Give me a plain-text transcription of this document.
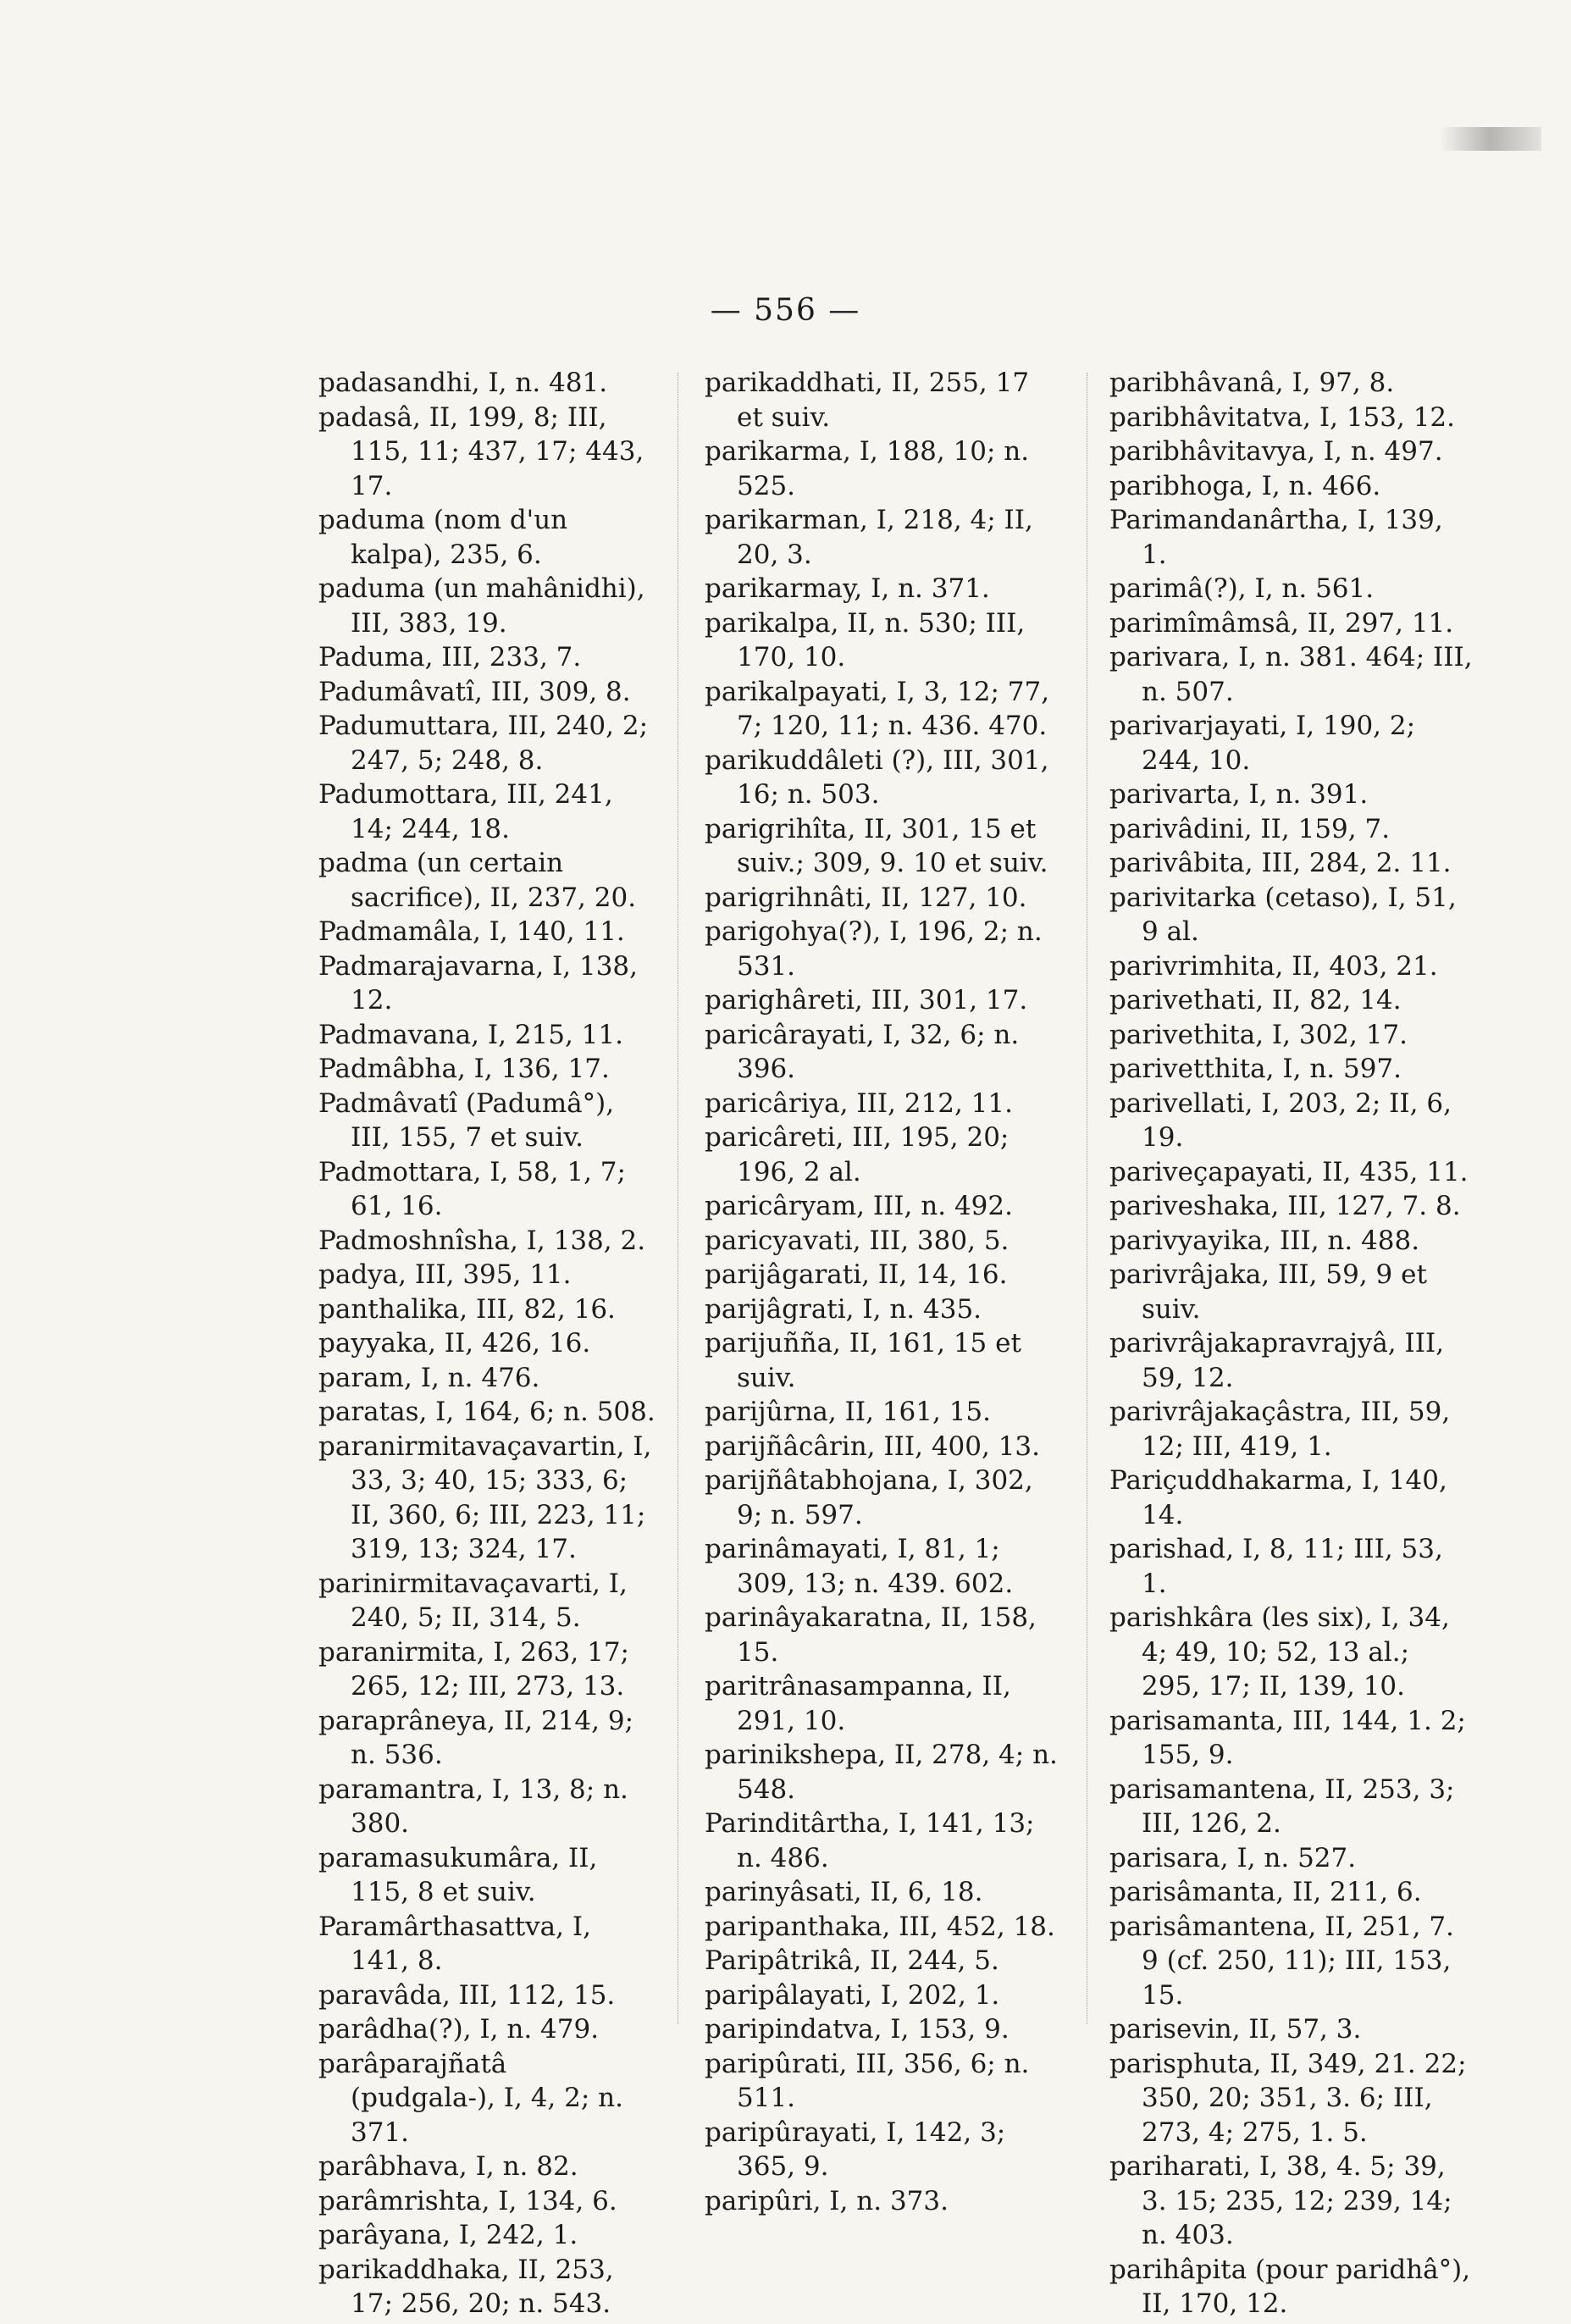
— 556 —

padasandhi, I, n. 481.

padasâ, II, 199, 8; III, 115, 11; 437, 17; 443, 17.

paduma (nom d'un kalpa), 235, 6.

paduma (un mahânidhi), III, 383, 19.

Paduma, III, 233, 7.

Padumâvatî, III, 309, 8.

Padumuttara, III, 240, 2; 247, 5; 248, 8.

Padumottara, III, 241, 14; 244, 18.

padma (un certain sacrifice), II, 237, 20.

Padmamâla, I, 140, 11.

Padmarajavarna, I, 138, 12.

Padmavana, I, 215, 11.

Padmâbha, I, 136, 17.

Padmâvatî (Padumâ°), III, 155, 7 et suiv.

Padmottara, I, 58, 1, 7; 61, 16.

Padmoshnîsha, I, 138, 2.

padya, III, 395, 11.

panthalika, III, 82, 16.

payyaka, II, 426, 16.

param, I, n. 476.

paratas, I, 164, 6; n. 508.

paranirmitavaçavartin, I, 33, 3; 40, 15; 333, 6; II, 360, 6; III, 223, 11; 319, 13; 324, 17.

parinirmitavaçavarti, I, 240, 5; II, 314, 5.

paranirmita, I, 263, 17; 265, 12; III, 273, 13.

paraprâneya, II, 214, 9; n. 536.

paramantra, I, 13, 8; n. 380.

paramasukumâra, II, 115, 8 et suiv.

Paramârthasattva, I, 141, 8.

paravâda, III, 112, 15.

parâdha(?), I, n. 479.

parâparajñatâ (pudgala-), I, 4, 2; n. 371.

parâbhava, I, n. 82.

parâmrishta, I, 134, 6.

parâyana, I, 242, 1.

parikaddhaka, II, 253, 17; 256, 20; n. 543.

parikaddhati, II, 255, 17 et suiv.

parikarma, I, 188, 10; n. 525.

parikarman, I, 218, 4; II, 20, 3.

parikarmay, I, n. 371.

parikalpa, II, n. 530; III, 170, 10.

parikalpayati, I, 3, 12; 77, 7; 120, 11; n. 436. 470.

parikuddâleti (?), III, 301, 16; n. 503.

parigrihîta, II, 301, 15 et suiv.; 309, 9. 10 et suiv.

parigrihnâti, II, 127, 10.

parigohya(?), I, 196, 2; n. 531.

parighâreti, III, 301, 17.

paricârayati, I, 32, 6; n. 396.

paricâriya, III, 212, 11.

paricâreti, III, 195, 20; 196, 2 al.

paricâryam, III, n. 492.

paricyavati, III, 380, 5.

parijâgarati, II, 14, 16.

parijâgrati, I, n. 435.

parijuñña, II, 161, 15 et suiv.

parijûrna, II, 161, 15.

parijñâcârin, III, 400, 13.

parijñâtabhojana, I, 302, 9; n. 597.

parinâmayati, I, 81, 1; 309, 13; n. 439. 602.

parinâyakaratna, II, 158, 15.

paritrânasampanna, II, 291, 10.

parinikshepa, II, 278, 4; n. 548.

Parinditârtha, I, 141, 13; n. 486.

parinyâsati, II, 6, 18.

paripanthaka, III, 452, 18.

Paripâtrikâ, II, 244, 5.

paripâlayati, I, 202, 1.

paripindatva, I, 153, 9.

paripûrati, III, 356, 6; n. 511.

paripûrayati, I, 142, 3; 365, 9.

paripûri, I, n. 373.

paribhâvanâ, I, 97, 8.

paribhâvitatva, I, 153, 12.

paribhâvitavya, I, n. 497.

paribhoga, I, n. 466.

Parimandanârtha, I, 139, 1.

parimâ(?), I, n. 561.

parimîmâmsâ, II, 297, 11.

parivara, I, n. 381. 464; III, n. 507.

parivarjayati, I, 190, 2; 244, 10.

parivarta, I, n. 391.

parivâdini, II, 159, 7.

parivâbita, III, 284, 2. 11.

parivitarka (cetaso), I, 51, 9 al.

parivrimhita, II, 403, 21.

parivethati, II, 82, 14.

parivethita, I, 302, 17.

parivetthita, I, n. 597.

parivellati, I, 203, 2; II, 6, 19.

pariveçapayati, II, 435, 11.

pariveshaka, III, 127, 7. 8.

parivyayika, III, n. 488.

parivrâjaka, III, 59, 9 et suiv.

parivrâjakapravrajyâ, III, 59, 12.

parivrâjakaçâstra, III, 59, 12; III, 419, 1.

Pariçuddhakarma, I, 140, 14.

parishad, I, 8, 11; III, 53, 1.

parishkâra (les six), I, 34, 4; 49, 10; 52, 13 al.; 295, 17; II, 139, 10.

parisamanta, III, 144, 1. 2; 155, 9.

parisamantena, II, 253, 3; III, 126, 2.

parisara, I, n. 527.

parisâmanta, II, 211, 6.

parisâmantena, II, 251, 7. 9 (cf. 250, 11); III, 153, 15.

parisevin, II, 57, 3.

parisphuta, II, 349, 21. 22; 350, 20; 351, 3. 6; III, 273, 4; 275, 1. 5.

pariharati, I, 38, 4. 5; 39, 3. 15; 235, 12; 239, 14; n. 403.

parihâpita (pour paridhâ°), II, 170, 12.
